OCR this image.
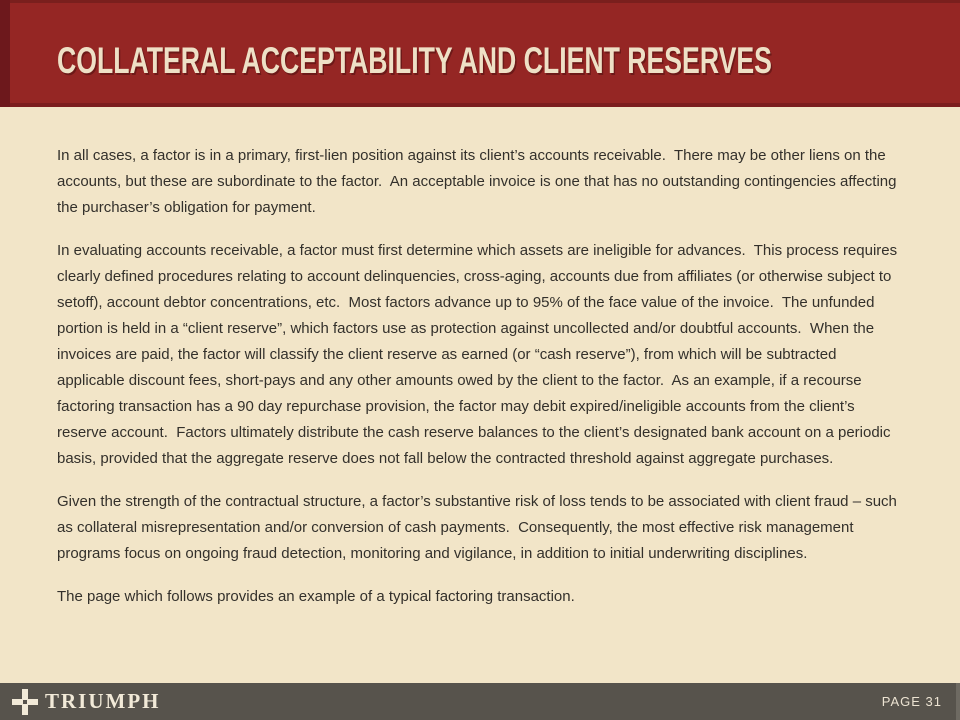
COLLATERAL ACCEPTABILITY AND CLIENT RESERVES

In all cases, a factor is in a primary, first-lien position against its client’s accounts receivable.  There may be other liens on the accounts, but these are subordinate to the factor.  An acceptable invoice is one that has no outstanding contingencies affecting the purchaser’s obligation for payment.

In evaluating accounts receivable, a factor must first determine which assets are ineligible for advances.  This process requires clearly defined procedures relating to account delinquencies, cross-aging, accounts due from affiliates (or otherwise subject to setoff), account debtor concentrations, etc.  Most factors advance up to 95% of the face value of the invoice.  The unfunded portion is held in a “client reserve”, which factors use as protection against uncollected and/or doubtful accounts.  When the invoices are paid, the factor will classify the client reserve as earned (or “cash reserve”), from which will be subtracted applicable discount fees, short-pays and any other amounts owed by the client to the factor.  As an example, if a recourse factoring transaction has a 90 day repurchase provision, the factor may debit expired/ineligible accounts from the client’s reserve account.  Factors ultimately distribute the cash reserve balances to the client’s designated bank account on a periodic basis, provided that the aggregate reserve does not fall below the contracted threshold against aggregate purchases.

Given the strength of the contractual structure, a factor’s substantive risk of loss tends to be associated with client fraud – such as collateral misrepresentation and/or conversion of cash payments.  Consequently, the most effective risk management programs focus on ongoing fraud detection, monitoring and vigilance, in addition to initial underwriting disciplines.

The page which follows provides an example of a typical factoring transaction.

TRIUMPH	PAGE 31
